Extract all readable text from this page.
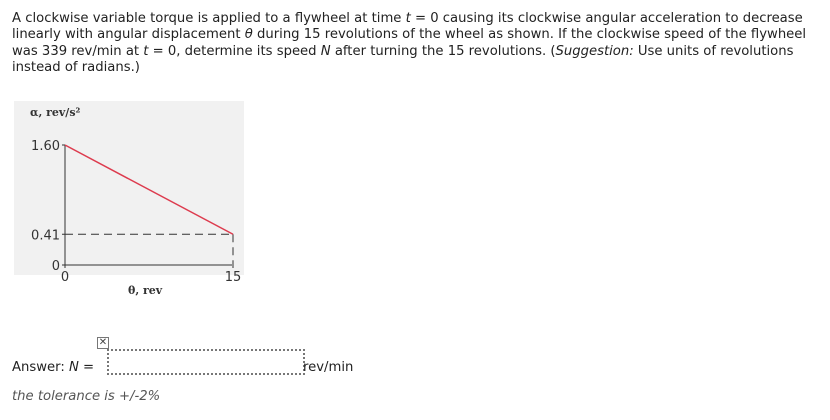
A clockwise variable torque is applied to a flywheel at time t = 0 causing its clockwise angular acceleration to decrease linearly with angular displacement θ during 15 revolutions of the wheel as shown. If the clockwise speed of the flywheel was 339 rev/min at t = 0, determine its speed N after turning the 15 revolutions. (Suggestion: Use units of revolutions instead of radians.)

α, rev/s²
θ, rev
0
0.41
1.60
0	15
Answer: N =
✕
rev/min

the tolerance is +/-2%
